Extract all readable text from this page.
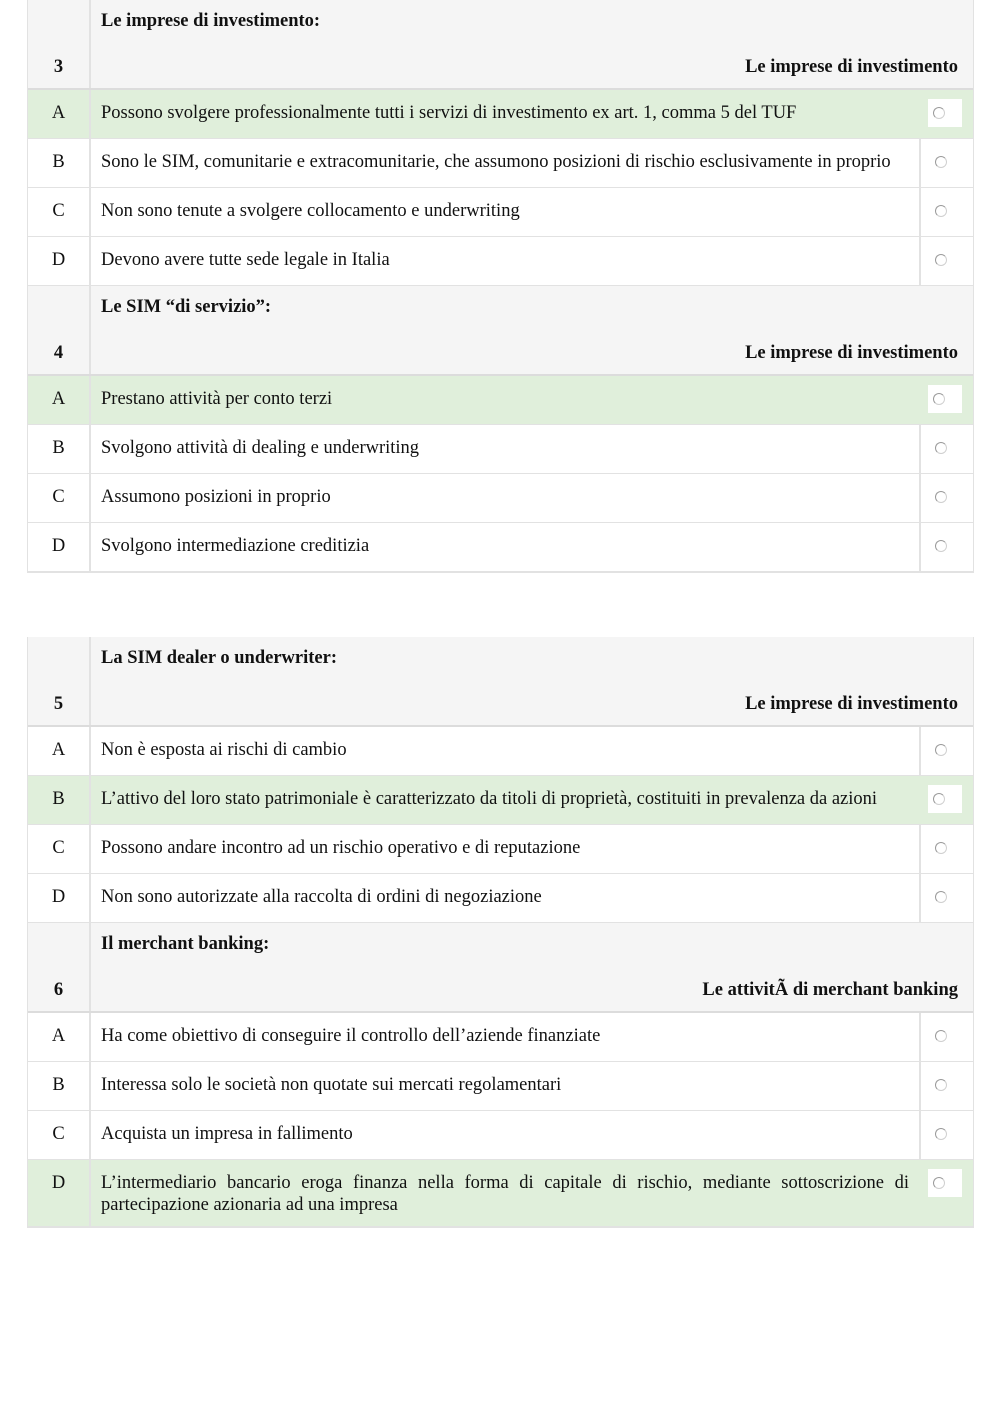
3
Le imprese di investimento:
Le imprese di investimento
A	Possono svolgere professionalmente tutti i servizi di investimento ex art. 1, comma 5 del TUF
B	Sono le SIM, comunitarie e extracomunitarie, che assumono posizioni di rischio esclusivamente in proprio
C	Non sono tenute a svolgere collocamento e underwriting
D	Devono avere tutte sede legale in Italia
4
Le SIM “di servizio”:
Le imprese di investimento
A	Prestano attività per conto terzi
B	Svolgono attività di dealing e underwriting
C	Assumono posizioni in proprio
D	Svolgono intermediazione creditizia
5
La SIM dealer o underwriter:
Le imprese di investimento
A	Non è esposta ai rischi di cambio
B	L’attivo del loro stato patrimoniale è caratterizzato da titoli di proprietà, costituiti in prevalenza da azioni
C	Possono andare incontro ad un rischio operativo e di reputazione
D	Non sono autorizzate alla raccolta di ordini di negoziazione
6
Il merchant banking:
Le attivitÃ di merchant banking
A	Ha come obiettivo di conseguire il controllo dell’aziende finanziate
B	Interessa solo le società non quotate sui mercati regolamentari
C	Acquista un impresa in fallimento
D	L’intermediario bancario eroga finanza nella forma di capitale di rischio, mediante sottoscrizione di partecipazione azionaria ad una impresa
